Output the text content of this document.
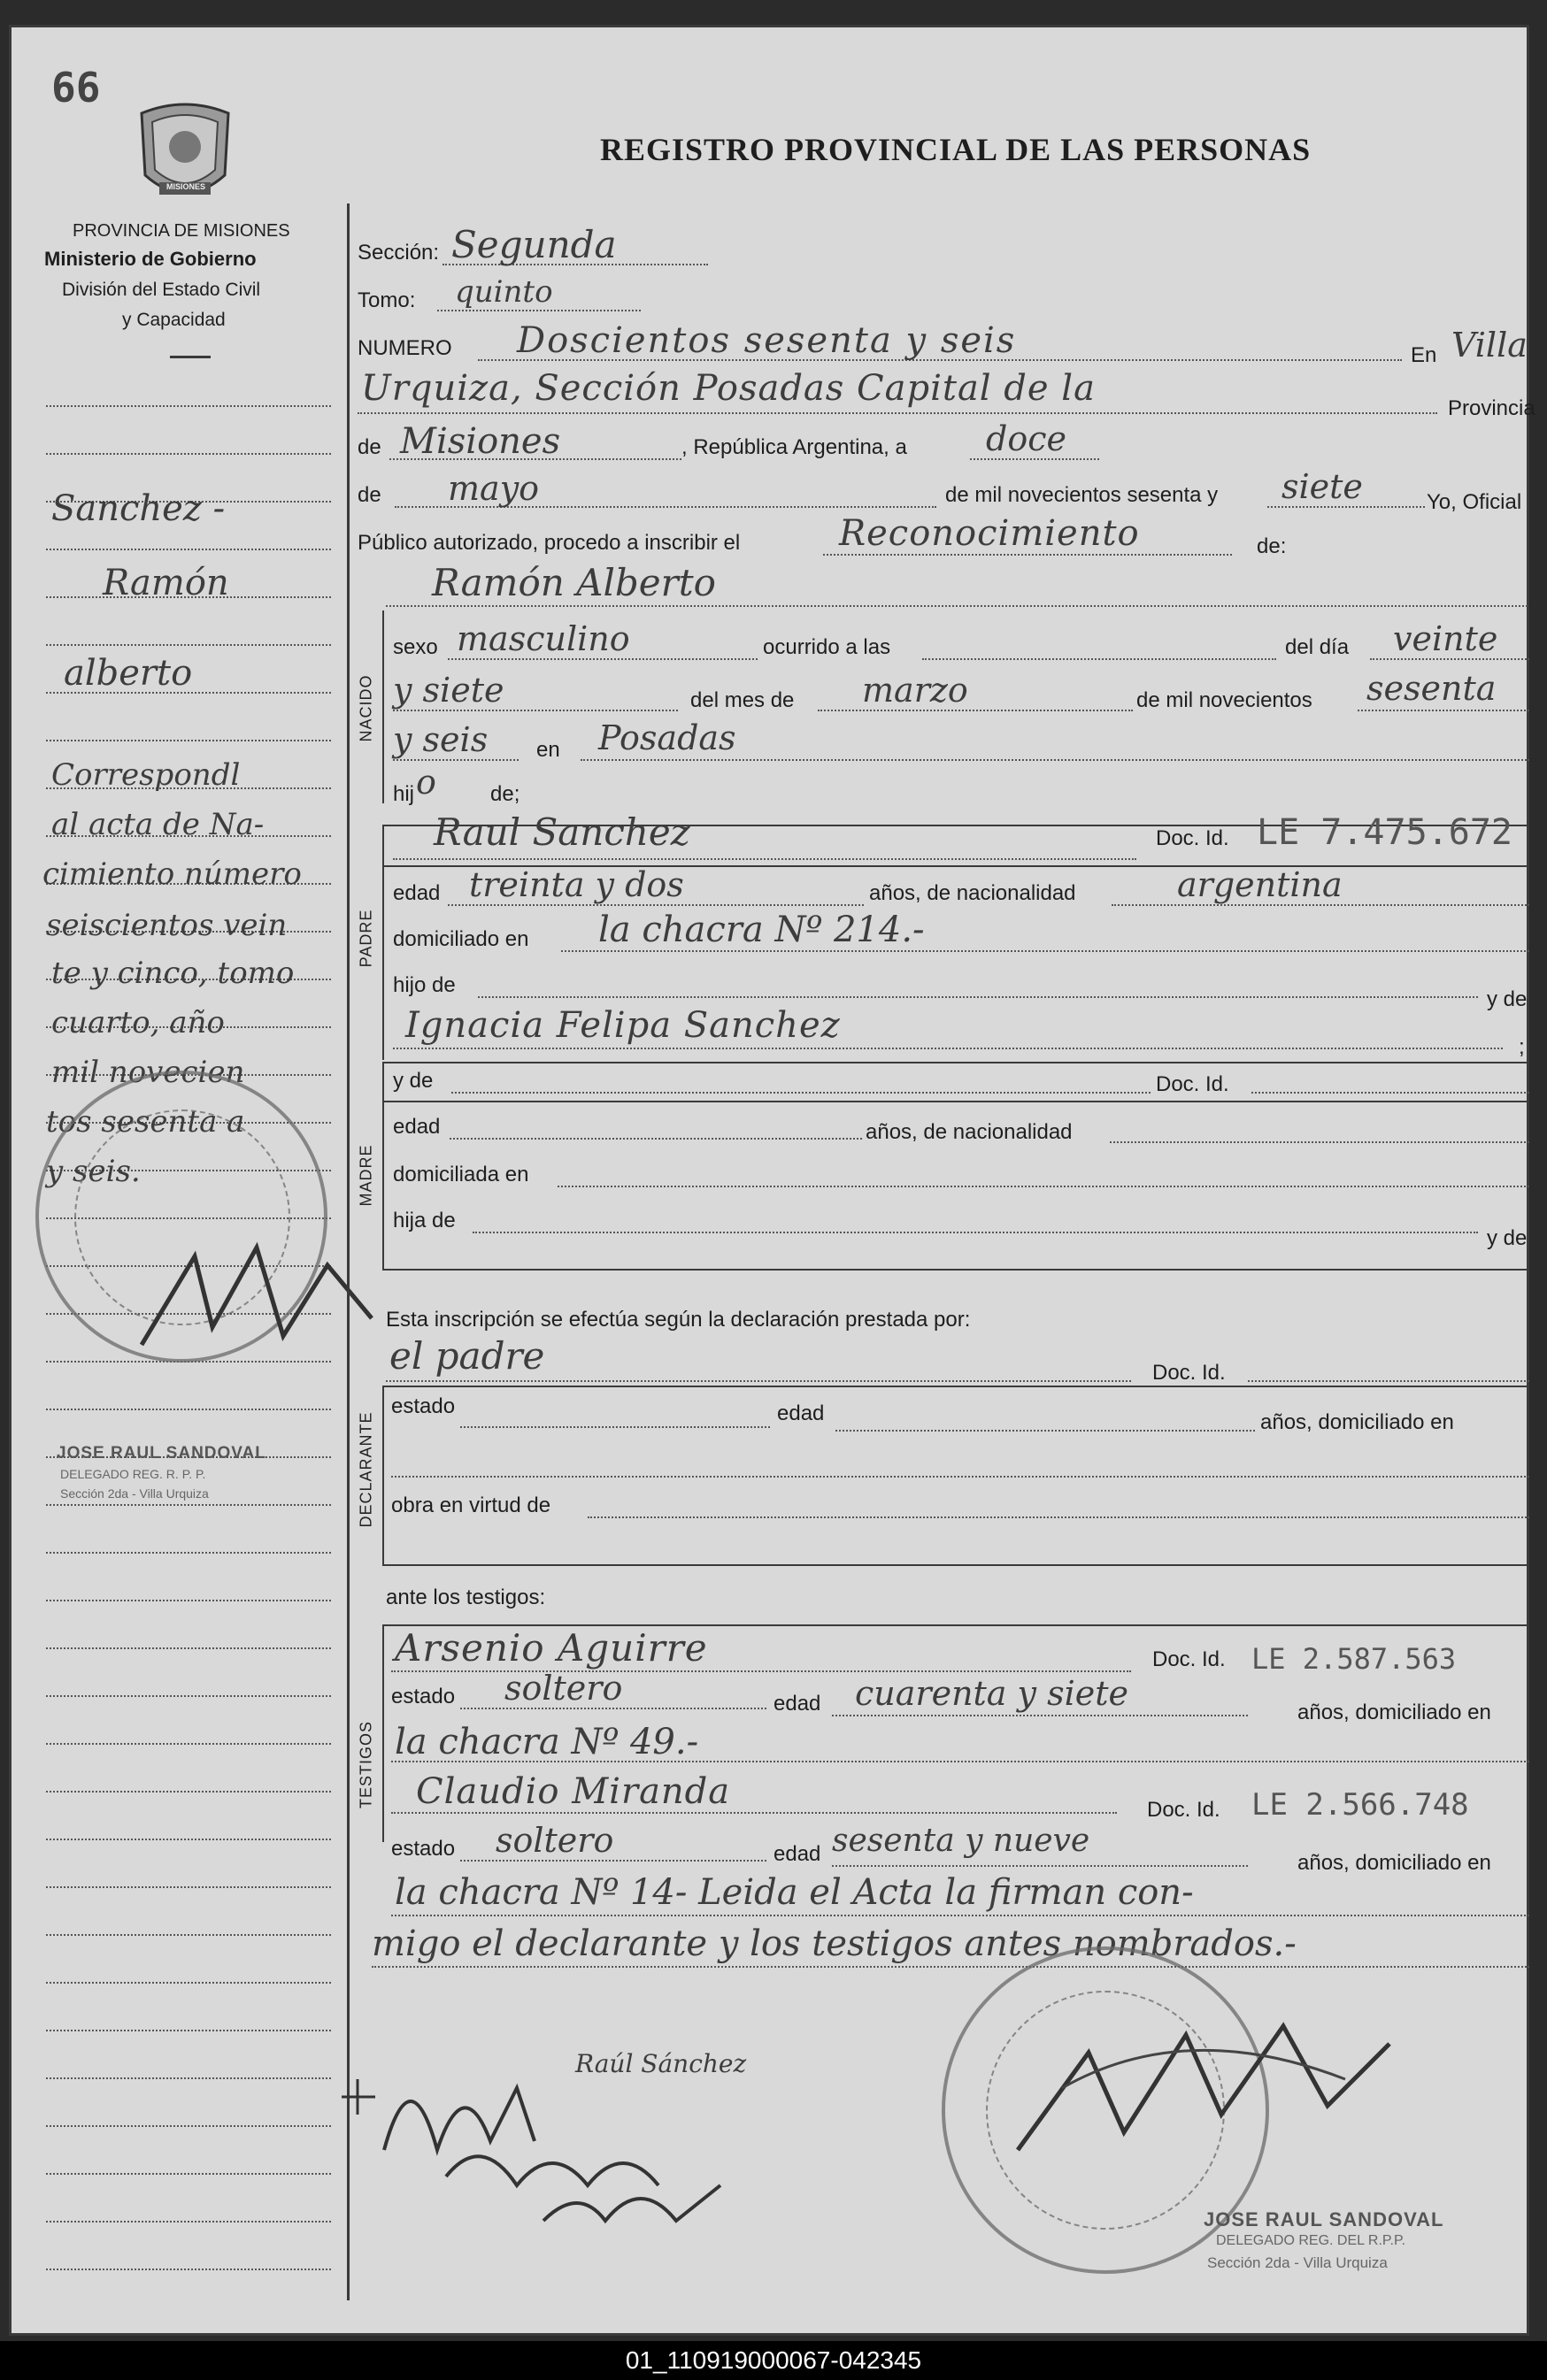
66
MISIONES
REGISTRO PROVINCIAL DE LAS PERSONAS
PROVINCIA DE MISIONES
Ministerio de Gobierno
División del Estado Civil
y Capacidad
Sanchez -
Ramón
alberto
Correspondl
al acta de Na-
cimiento número
seiscientos vein
te y cinco, tomo
cuarto, año
mil novecien
tos sesenta a
y seis.
JOSE RAUL SANDOVAL
DELEGADO REG. R. P. P.
Sección 2da - Villa Urquiza
Sección: Segunda
Tomo: quinto
NUMERO Doscientos sesenta y seis	En Villa
Urquiza, Sección Posadas Capital de la	Provincia
de Misiones	, República Argentina, a doce
de mayo	de mil novecientos sesenta y siete	Yo, Oficial
Público autorizado, procedo a inscribir el	Reconocimiento	de:
Ramón Alberto
NACIDO
sexo masculino	ocurrido a las	del día veinte
y siete	del mes de marzo	de mil novecientos sesenta
y seis en Posadas
hij o	de;
PADRE
Raul Sanchez	Doc. Id. LE 7.475.672
edad treinta y dos	años, de nacionalidad	argentina
domiciliado en la chacra Nº 214.-
hijo de
y de
Ignacia Felipa Sanchez
;
MADRE
y de	Doc. Id.
edad	años, de nacionalidad
domiciliada en
hija de
y de
Esta inscripción se efectúa según la declaración prestada por:
el padre	Doc. Id.
DECLARANTE
estado	edad	años, domiciliado en
obra en virtud de
ante los testigos:
TESTIGOS
Arsenio Aguirre	Doc. Id. LE 2.587.563
estado soltero	edad cuarenta y siete	años, domiciliado en
la chacra Nº 49.-
Claudio Miranda	Doc. Id. LE 2.566.748
estado soltero	edad sesenta y nueve
años, domiciliado en
la chacra Nº 14- Leida el Acta la firman con-
migo el declarante y los testigos antes nombrados.-
Raúl Sánchez
JOSE RAUL SANDOVAL
DELEGADO REG. DEL R.P.P.
Sección 2da - Villa Urquiza
01_110919000067-042345
